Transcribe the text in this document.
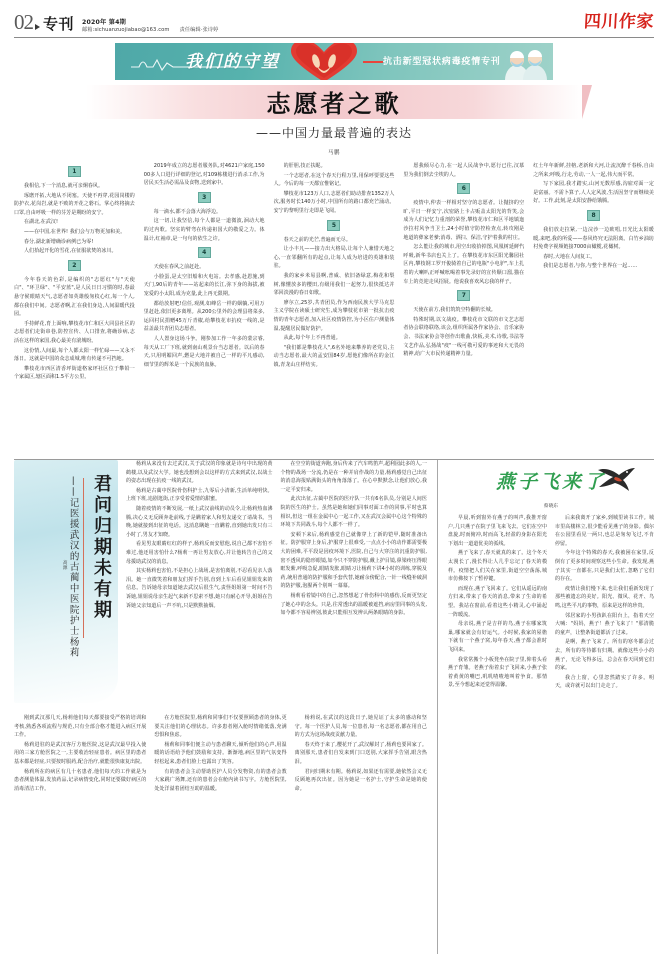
02 专刊 2020年 第4期
邮箱:sichuanzuojiabao@163.com 责任编辑·张诗婷	四川作家
我们的守望	抗击新型冠状病毒疫情专刊
志愿者之歌
——中国力量最普遍的表达
马鹏
1

我相信,下一个消息,就可亲炯春风。

琢磨开拓,大地从不闭塞。天使不再穿,花园岗楼的防护衣,花岗岩,就是不败的开花之磐石。掌心终将摘去口罩,自由呼吸一样的芬芳是期盼的安宁。

在湖北,在武汉!

——在中国,在世界! 我们会与万物更加和美。

春分,湖北新增确诊病例已为零!

人们拾起开化的雪花,在征服欲焚的冰川。

2

今年春天的色彩,是编织的"志愿红"与"天使白"、"环卫绿"、"平安蓝",是人民日日习惯的时,春最悬守候眼睛天气,志愿者如英雄般匆枚心红,每一个人,都在我们中间。志愿者啊,汇在我们身边,人间温暖代投园。

手持鲜花,育上面响,攀枝花市仁和区大同县社区的志愿者们走街串巷,防控宣传、人口排查,将确诊病,志活在这样的家国,我心最美有滚城盼。

这份情,人间最,每个人都太阳一样忙碌——又永不落日。这就是中国的众志成城,唯有传递不可挡地。

攀枝花市西区清香坪街道格家坪社区位于攀铅一个家属区,辖区面积1.5平方公里。

2019年成立的志愿者服务队,对4621户家庭,15000多人口进行详细的登记,对109栋楼进行消杀工作,为居民买生活必需品及食物,送到家中。

3

每一滴水,都不会落大海浮边。

这一切,让我坚信,每个人都是一道微波,洄动大地的过内歌。坚实的臂弯在传递祖国大的敬爱之力。体温计,红袖章,是一句句的依生之许。

4

天使在春风之前赶赴。

小脸蛋,是太空旧船和火电站。去孝感,赴恩施,到天门,90后的青年——站起来的长江,弥下身的海拔,被宠爱的小太阳,成为克量,此上再无限期。

都给放射吧!信任,观测,如峰岳一样的姻躺,可用万里赶赴,依旧更多离埋。从200公里外的会理县将菜多,运回村民捐赠45万斤青椒,给攀枝花市抗疫一线的,是益盖最共青团员志愿者。

人人置身这场斗争。刚参加工作一年多的蒙宗睿,每天从工厂下班,就到南山观景台当志愿者。以后的春天,只用明媚回声,燃是大地并被自己一样的平凡感动,细节里的辉苯是一个民族的血脉。

的肝胆,技正扶昵。

一个志愿者,在这个春天行程万里,用保呼要要这些人。今后的每一天都宜惟铭记。

攀枝花市123万人口,志愿者们助动排查1352万人次,服务时长140万小时,中国所有的路口都充芒涌动。安宁的黎明里行走即是飞阅。

5

春天之前的光芒,普遍而无尽。

让小丰凡——接力出大格局,让每个人兼惜天地之心,一直邻翻所有的起点,让每人成为培进的英雄和装驻。

我的家乡米易县啊,普威、依旧备绿意,梅花和梨树,像懂放多的樱田,有级用我们一起努力,很快抵达并邻回淡漫的春日如歌。

廖尔立,25岁,共青团员,作为西南民族大学马克思主义学院在读硕士研究生,成为攀枝花市第一批抗击疫情的青年志愿者,加入社区疫情防控,为小区住户测量体温,提醒居民做好防护。

从此,每个年上不再普通。

"我们都是攀枝花人",6名外地来攀养的老党员,主动当志愿者,最大的孟安国84岁,愿他们像所在的金江镇,青龙山庄样结实。

愿我倾尽心力,在一起人民战争中,愿行已往,汉慕里为我们倒去尘埃的人。

6

疫情中,仲表一样相对坚守的志愿者。让抛挤的空旷,平日一样安宁,次密路上卡占贩盖太阳光的背笑,会成为人们记忆力重剖的荣誉,攀枝花市仁和区平地镇迤沙拉村风争当卫士,24小时值守防控检查点,转攻刚是地道的彝家老爹;消毒、洒扫、保洁,守护着我的村庄。

怎么能让我的城市,用空出收拾掉图,风凰树延鲜忾呼吸,新华书店也关上了。在攀枝花市东区阳光馨园社区内,攀枝钢工罗开俊骑着自己的电瓶"小电驴",车上扎着的大喇叭正呼喊吆喝着事先录好的宣传顺口溜,猫在车上的竞迎走风招展。他说我喜欢风忘我的样子。

7

天使在前方,我们筑筑空特翻的长城。

特殊时期,以文战疫。攀枝花市文联的市文艺志愿者协会联络联络,该会,组织所属各作家协会、音乐家协会、书法家协会等创作出歌曲,快板,美术,诗歌,书法等文艺作品,弘扬战"疫"一线可敬可爱的事迹和大无畏的精神,给广大市民传递精神力量。

红土年年新鲜,挂榕,老新和大河,让流沉醉千春桥,自由之所来;呼吸,行走,劳动,一人一起,伟大而平常。

写下家园,我才踏实,山河无数厚感,沟雇对面一定是富丽。不需卜算子,人人定风波,生活因坚守而继续美好。工作,此刻,是太阳安静给饿腾。

8

我们放走拉紧,一边浣沙一边欧唱,日光比太阳暖暖,来吧,我的所爱——春风终究无法阻离。白竹乡油坊村免费字视频链接7000亩橄榄,花橄树。

春时,大地在人间复工。

我们是志愿者,与你,与整个世界在一起……

君问归期未有期
——记医援武汉的古蔺中医院护士杨莉
高源

杨莉从来没有去过武汉,关于武汉的印象就是诗句中出现的黄鹤楼,以及武汉大学。她也没想到会以这样的方式来到武汉,以战士的姿态出现在抗疫一线的武汉。

杨莉是古蔺中医院骨伤科护士,九零后小清新,生活单纯明快。上班下班,追剧逛街,正享受着爱情的甜蜜。

随着疫情的不断发展,一纸上武汉前线的动员令,让杨莉热血沸腾,决心义无反顾奔赴前线,于是瞒着家人和男友递交了请战书。当晚,她就接到出征的电话。这消息瞒她一直瞒着,直到她出发只有三小时了,男友才知晓。

看见男友眼睛红红的样子,杨莉反而安慰他,说自己都不害怕不难过,他还用害怕什么?杨莉一再让男友放心,并让他转告自己的父母援助武汉的消息。

其实杨莉也害怕,不是担心上战场,是害怕离别,不忍看见亲人落泪。她一直微笑着和朋友们挥手告别,直到上车后看见姐姐发来的信息。告诉她母亲知道她去武汉后很生气,责怪姐姐第一时间不告诉她,姐姐说母亲生起气来新不思索不想,她只有耐心开导,姐姐在告诉她父亲知道后一声不吭,只是默默抽烟。

在空空的街道奔跑,身后传来了汽车鸣笛声,超利园此多的人,一个物的战场一分流,仍是在一种并肩作战的力量,杨莉感觉自己出征的消息海报贴满街头的角角落落了。在心中默默念,让他们放心,我一定平安归来。

此次出征,古蔺中医院的医疗队一共有6名队员,分别是人间医院的医生的护士。虽然是她和她们同事对面工作的同事,平时也算相识,但这一组在金属中心一起工作,又在武汉会属中心这个特殊的环境下共同战斗,每个人都不一样了。

安顿下来后,杨莉感觉自己就像穿上了新的铠甲,随时准备出征。防护服穿上身后,护服穿上很难受,一点点小小的动作都需要极大的困难,平平段是因疫环境下,医院,自己与大穿注的沉重防护服,密不透风的隐形眼镜,如今只不穿防护服,戴上护目镜,鼻梁疼压得眼眶发紫,呼吸急促,眼睛发胀,眼睛习让杨莉下讲4小时的训练,穿脱及药,统用普通的防护服和手套代替,她耐余傍配合,一针一线缝补破洞的防护服,泡腥两个别叫一幕幕。

杨莉看着镜中的自己,忽然想起了骨伤科中的感伤,反而更坚定了她心中的念头。只是,往常透出的温暖被遮挡,病房里同事的头发,如今都不容易辨别,彼此只能相互发辨认两条眼睛的身影。

刚到武汉那几天,杨莉他们每天都要接受严格的培训和考核,熟悉各项流程与规范,只有全部合格才能进入病区开展工作。

杨莉进驻的是武汉客厅方舱医院,这是武汉最早投入使用的三家方舱医院之一,主要收治轻症患者。病区里的患者基本都是轻症,只要按时服药,配合治疗,就能很快康复出院。

杨莉所在的病区有几十名患者,他们每天的工作就是为患者测量体温,发放药品,记录病情变化,同时还要做好病区的消毒清洁工作。

在方舱医院里,杨莉和同事们不仅要照顾患者的身体,更要关注他们的心理状态。许多患者刚入舱时情绪低落,充满恐惧和焦虑。

杨莉和同事们便主动与患者聊天,倾听他们的心声,用温暖的话语给予他们鼓励和支持。渐渐地,病区里的气氛变得轻松起来,患者们脸上也露出了笑容。

有的患者会主动帮助医护人员分发物资,有的患者会教大家跳广场舞,还有的患者会在舱内读书写字。方舱医院里,处处洋溢着团结互助的温暖。

杨莉说,在武汉的这段日子,她见证了太多的感动和坚守。每一个医护人员,每一位患者,每一名志愿者,都在用自己的方式为这场战疫贡献力量。

春天终于来了,樱花开了,武汉解封了,杨莉也要回家了。离别那天,患者们自发来到门口送别,大家挥手告别,眼含热泪。

君问归期未有期。杨莉说,如果还有需要,她依然会义无反顾地再次出征。因为她是一名护士,守护生命是她的使命。

燕子飞来了
蔡晓东

早晨,听到窗外有燕子的叫声,我推开窗户,几只燕子在院子里飞来飞去。它们在空中盘旋,时而俯冲,时而高飞,轻盈的身影在阳光下划出一道道优美的弧线。

燕子飞来了,春天就真的来了。这个冬天太漫长了,漫长得让人几乎忘记了春天的模样。疫情把人们关在家里,街道空空荡荡,城市仿佛按下了暂停键。

而现在,燕子飞回来了。它们从遥远的南方归来,带来了春天的消息,带来了生命的希望。我站在窗前,看着这些小精灵,心中涌起一阵暖流。

母亲说,燕子是吉祥的鸟,燕子在哪家筑巢,哪家就会有好运气。小时候,我家的屋檐下就有一个燕子窝,每年春天,燕子都会准时飞回来。

我常常搬个小板凳坐在院子里,仰着头看燕子育雏。老燕子衔着虫子飞回来,小燕子张着黄黄的嘴巴,叽叽喳喳地叫着争食。那情景,至今想起来还觉得温馨。

后来我离开了家乡,到城里读书工作。城市里高楼林立,很少能看见燕子的身影。偶尔在公园里看见一两只,也总是匆匆飞过,不肯停留。

今年这个特殊的春天,我被困在家里,反倒有了更多时间观察这些小生命。我发现,燕子其实一直都在,只是我们太忙,忽略了它们的存在。

疫情让我们慢下来,也让我们重新发现了那些被遗忘的美好。阳光、微风、花开、鸟鸣,这些平凡的事物，原来是这样的珍贵。

邻居家的小男孩趴在阳台上，指着天空大喊："妈妈，燕子！燕子飞来了！"那清脆的童声，让整条街道都活了过来。

是啊，燕子飞来了。所有的寒冬都会过去，所有的等待都有归期。就像这些小小的燕子，无论飞得多远，总会在春天回到它们的家。

我合上窗，心里忽然踏实了许多。明天，或许就可以出门走走了。
